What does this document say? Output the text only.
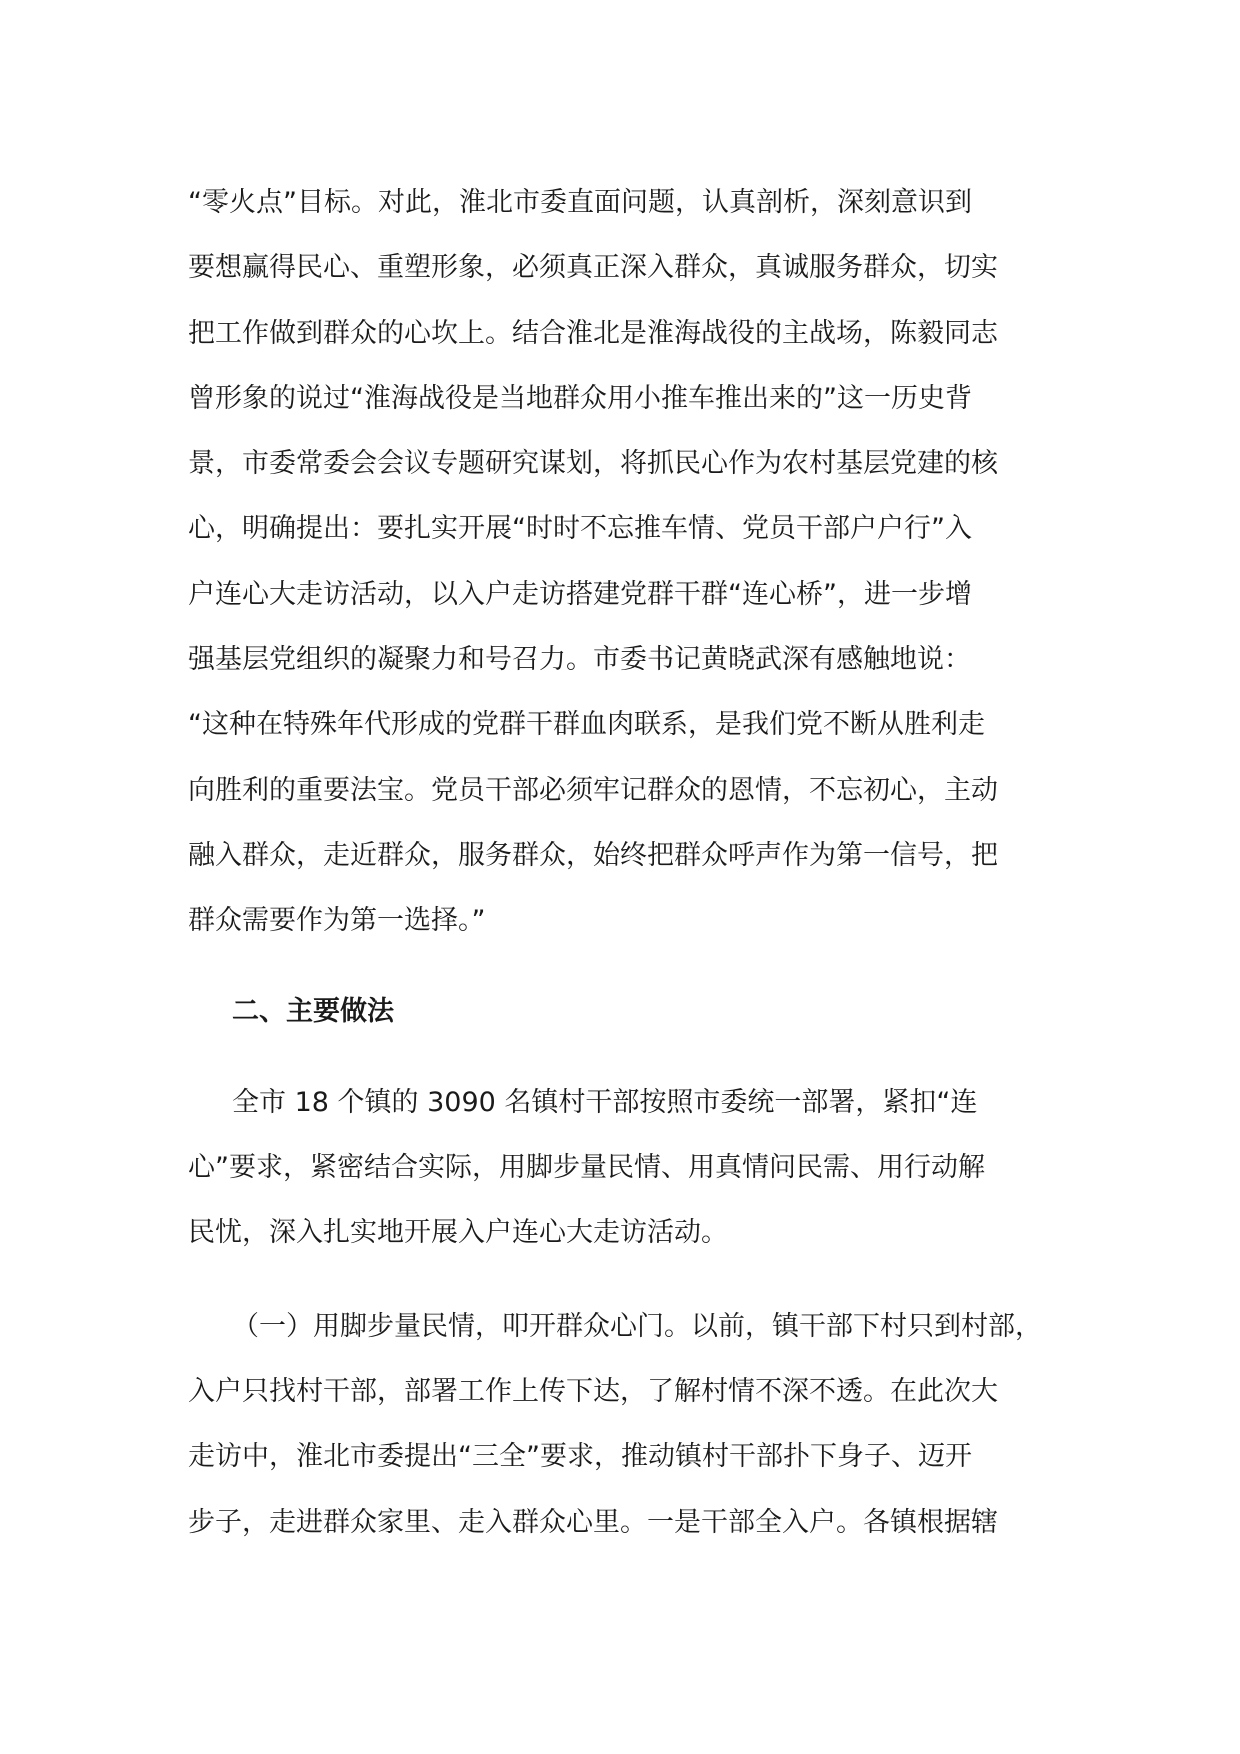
“零火点”目标。对此，淮北市委直面问题，认真剖析，深刻意识到
要想赢得民心、重塑形象，必须真正深入群众，真诚服务群众，切实
把工作做到群众的心坎上。结合淮北是淮海战役的主战场，陈毅同志
曾形象的说过“淮海战役是当地群众用小推车推出来的”这一历史背
景，市委常委会会议专题研究谋划，将抓民心作为农村基层党建的核
心，明确提出：要扎实开展“时时不忘推车情、党员干部户户行”入
户连心大走访活动，以入户走访搭建党群干群“连心桥”，进一步增
强基层党组织的凝聚力和号召力。市委书记黄晓武深有感触地说：
“这种在特殊年代形成的党群干群血肉联系，是我们党不断从胜利走
向胜利的重要法宝。党员干部必须牢记群众的恩情，不忘初心，主动
融入群众，走近群众，服务群众，始终把群众呼声作为第一信号，把
群众需要作为第一选择。”
二、主要做法
全市 18 个镇的 3090 名镇村干部按照市委统一部署，紧扣“连
心”要求，紧密结合实际，用脚步量民情、用真情问民需、用行动解
民忧，深入扎实地开展入户连心大走访活动。
（一）用脚步量民情，叩开群众心门。以前，镇干部下村只到村部，
入户只找村干部，部署工作上传下达，了解村情不深不透。在此次大
走访中，淮北市委提出“三全”要求，推动镇村干部扑下身子、迈开
步子，走进群众家里、走入群众心里。一是干部全入户。各镇根据辖
